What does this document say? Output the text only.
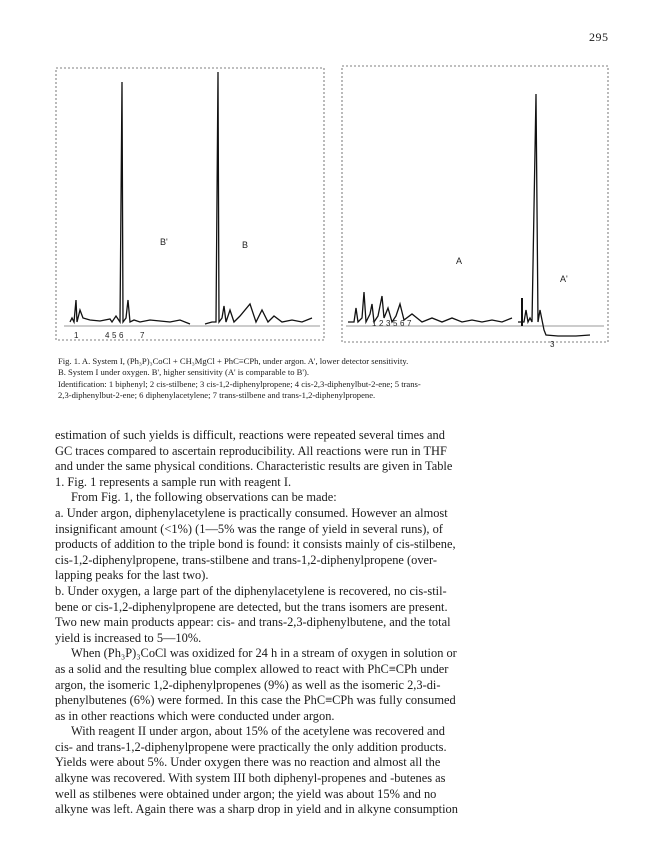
295
B'	B
1	4 5 6 7
A
A'
1 2 3 5 6 7
3

Fig. 1. A. System I, (Ph₃P)₃CoCl + CH₃MgCl + PhC≡CPh, under argon. A', lower detector sensitivity.

B. System I under oxygen. B', higher sensitivity (A' is comparable to B').

Identification: 1 biphenyl; 2 cis-stilbene; 3 cis-1,2-diphenylpropene; 4 cis-2,3-diphenylbut-2-ene; 5 trans-

2,3-diphenylbut-2-ene; 6 diphenylacetylene; 7 trans-stilbene and trans-1,2-diphenylpropene.

estimation of such yields is difficult, reactions were repeated several times and

GC traces compared to ascertain reproducibility. All reactions were run in THF

and under the same physical conditions. Characteristic results are given in Table

1. Fig. 1 represents a sample run with reagent I.

From Fig. 1, the following observations can be made:

a. Under argon, diphenylacetylene is practically consumed. However an almost

insignificant amount (<1%) (1—5% was the range of yield in several runs), of

products of addition to the triple bond is found: it consists mainly of cis-stilbene,

cis-1,2-diphenylpropene, trans-stilbene and trans-1,2-diphenylpropene (over-

lapping peaks for the last two).

b. Under oxygen, a large part of the diphenylacetylene is recovered, no cis-stil-

bene or cis-1,2-diphenylpropene are detected, but the trans isomers are present.

Two new main products appear: cis- and trans-2,3-diphenylbutene, and the total

yield is increased to 5—10%.

When (Ph₃P)₃CoCl was oxidized for 24 h in a stream of oxygen in solution or

as a solid and the resulting blue complex allowed to react with PhC≡CPh under

argon, the isomeric 1,2-diphenylpropenes (9%) as well as the isomeric 2,3-di-

phenylbutenes (6%) were formed. In this case the PhC≡CPh was fully consumed

as in other reactions which were conducted under argon.

With reagent II under argon, about 15% of the acetylene was recovered and

cis- and trans-1,2-diphenylpropene were practically the only addition products.

Yields were about 5%. Under oxygen there was no reaction and almost all the

alkyne was recovered. With system III both diphenyl-propenes and -butenes as

well as stilbenes were obtained under argon; the yield was about 15% and no

alkyne was left. Again there was a sharp drop in yield and in alkyne consumption
